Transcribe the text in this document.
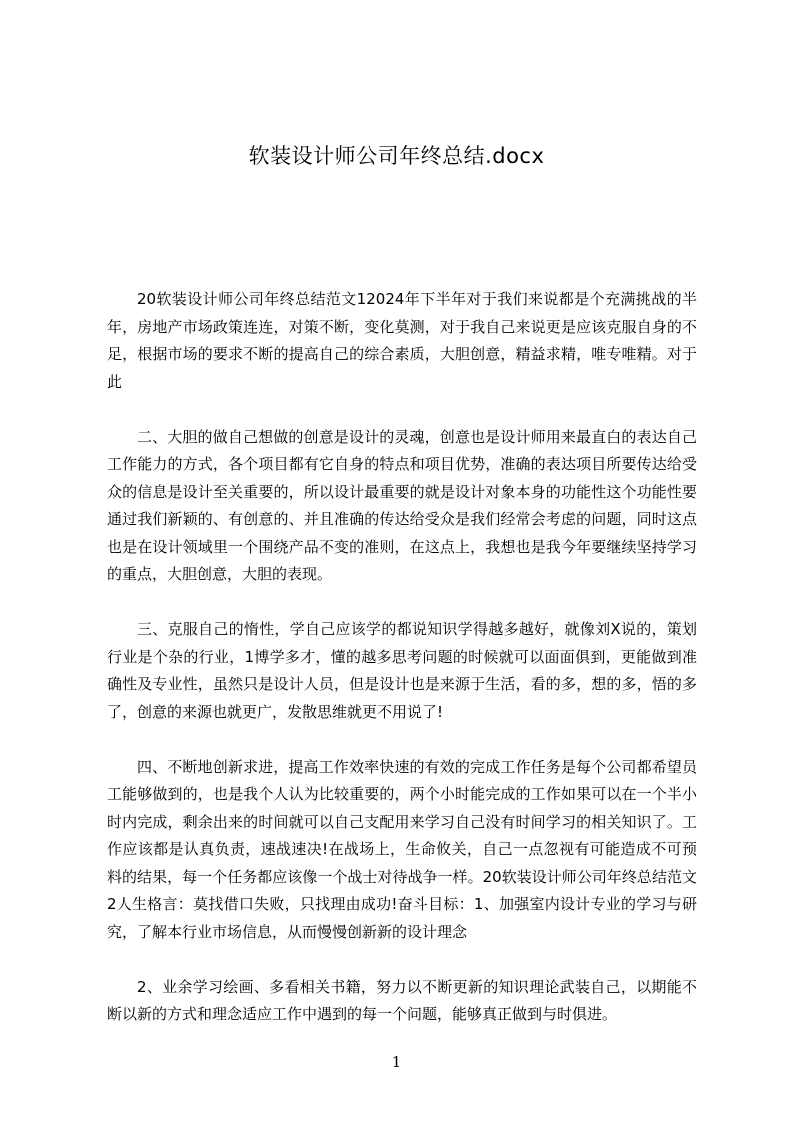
软装设计师公司年终总结.docx

20软装设计师公司年终总结范文12024年下半年对于我们来说都是个充满挑战的半年，房地产市场政策连连，对策不断，变化莫测，对于我自己来说更是应该克服自身的不足，根据市场的要求不断的提高自己的综合素质，大胆创意，精益求精，唯专唯精。对于此

二、大胆的做自己想做的创意是设计的灵魂，创意也是设计师用来最直白的表达自己工作能力的方式，各个项目都有它自身的特点和项目优势，准确的表达项目所要传达给受众的信息是设计至关重要的，所以设计最重要的就是设计对象本身的功能性这个功能性要通过我们新颖的、有创意的、并且准确的传达给受众是我们经常会考虑的问题，同时这点也是在设计领域里一个围绕产品不变的准则，在这点上，我想也是我今年要继续坚持学习的重点，大胆创意，大胆的表现。

三、克服自己的惰性，学自己应该学的都说知识学得越多越好，就像刘X说的，策划行业是个杂的行业，1博学多才，懂的越多思考问题的时候就可以面面俱到，更能做到准确性及专业性，虽然只是设计人员，但是设计也是来源于生活，看的多，想的多，悟的多了，创意的来源也就更广，发散思维就更不用说了!

四、不断地创新求进，提高工作效率快速的有效的完成工作任务是每个公司都希望员工能够做到的，也是我个人认为比较重要的，两个小时能完成的工作如果可以在一个半小时内完成，剩余出来的时间就可以自己支配用来学习自己没有时间学习的相关知识了。工作应该都是认真负责，速战速决!在战场上，生命攸关，自己一点忽视有可能造成不可预料的结果，每一个任务都应该像一个战士对待战争一样。20软装设计师公司年终总结范文2人生格言：莫找借口失败，只找理由成功!奋斗目标：1、加强室内设计专业的学习与研究，了解本行业市场信息，从而慢慢创新新的设计理念

2、业余学习绘画、多看相关书籍，努力以不断更新的知识理论武装自己，以期能不断以新的方式和理念适应工作中遇到的每一个问题，能够真正做到与时俱进。

1
